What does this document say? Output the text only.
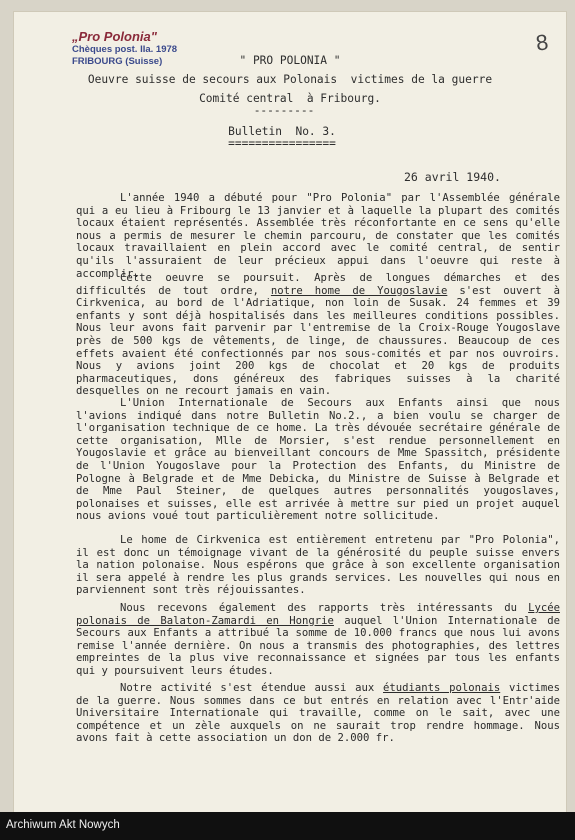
„Pro Polonia"
Chèques post. IIa. 1978
FRIBOURG (Suisse)
8
" PRO POLONIA "
Oeuvre suisse de secours aux Polonais  victimes de la guerre
Comité central  à Fribourg.
---------
Bulletin  No. 3.
================
26 avril 1940.

L'année 1940 a débuté pour "Pro Polonia" par l'Assemblée générale qui a eu lieu à Fribourg le 13 janvier et à laquelle la plupart des comités locaux étaient représentés. Assemblée très réconfortante en ce sens qu'elle nous a permis de mesurer le chemin parcouru, de constater que les comités locaux travaillaient en plein accord avec le comité central, de sentir qu'ils l'assuraient de leur précieux appui dans l'oeuvre qui reste à accomplir.

Cette oeuvre se poursuit. Après de longues démarches et des difficultés de tout ordre, notre home de Yougoslavie s'est ouvert à Cirkvenica, au bord de l'Adriatique, non loin de Susak. 24 femmes et 39 enfants y sont déjà hospitalisés dans les meilleures conditions possibles. Nous leur avons fait parvenir par l'entremise de la Croix-Rouge Yougoslave près de 500 kgs de vêtements, de linge, de chaussures. Beaucoup de ces effets avaient été confectionnés par nos sous-comités et par nos ouvroirs. Nous y avions joint 200 kgs de chocolat et 20 kgs de produits pharmaceutiques, dons généreux des fabriques suisses à la charité desquelles on ne recourt jamais en vain.

L'Union Internationale de Secours aux Enfants ainsi que nous l'avions indiqué dans notre Bulletin No.2., a bien voulu se charger de l'organisation technique de ce home. La très dévouée secrétaire générale de cette organisation, Mlle de Morsier, s'est rendue personnellement en Yougoslavie et grâce au bienveillant concours de Mme Spassitch, présidente de l'Union Yougoslave pour la Protection des Enfants, du Ministre de Pologne à Belgrade et de Mme Debicka, du Ministre de Suisse à Belgrade et de Mme Paul Steiner, de quelques autres personnalités yougoslaves, polonaises et suisses, elle est arrivée à mettre sur pied un projet auquel nous avions voué tout particulièrement notre sollicitude.

Le home de Cirkvenica est entièrement entretenu par "Pro Polonia", il est donc un témoignage vivant de la générosité du peuple suisse envers la nation polonaise. Nous espérons que grâce à son excellente organisation il sera appelé à rendre les plus grands services. Les nouvelles qui nous en parviennent sont très réjouissantes.

Nous recevons également des rapports très intéressants du Lycée polonais de Balaton-Zamardi en Hongrie auquel l'Union Internationale de Secours aux Enfants a attribué la somme de 10.000 francs que nous lui avons remise l'année dernière. On nous a transmis des photographies, des lettres empreintes de la plus vive reconnaissance et signées par tous les enfants qui y poursuivent leurs études.

Notre activité s'est étendue aussi aux étudiants polonais victimes de la guerre. Nous sommes dans ce but entrés en relation avec l'Entr'aide Universitaire Internationale qui travaille, comme on le sait, avec une compétence et un zèle auxquels on ne saurait trop rendre hommage. Nous avons fait à cette association un don de 2.000 fr.

Archiwum Akt Nowych
